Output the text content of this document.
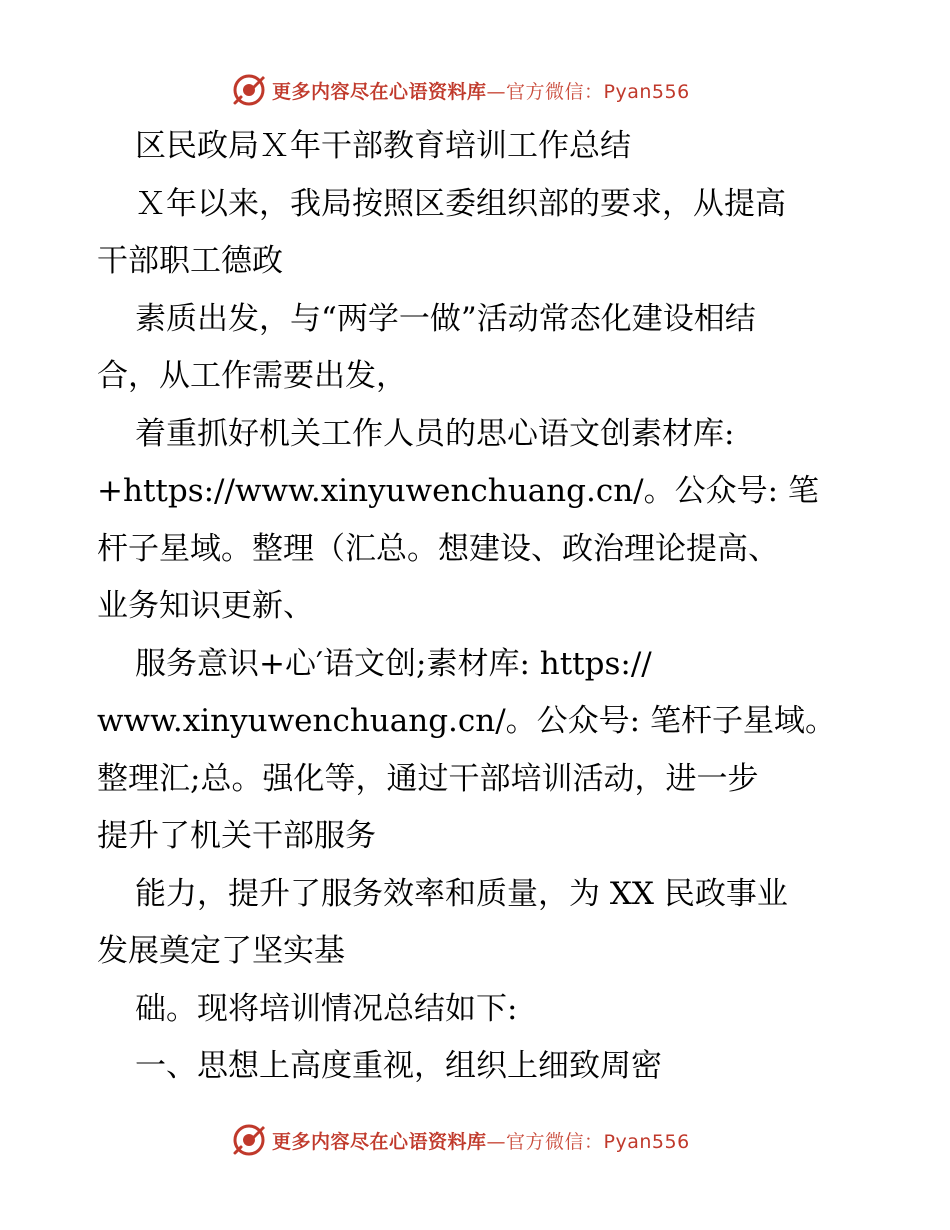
更多内容尽在心语资料库—官方微信：Pyan556
区民政局Ｘ年干部教育培训工作总结
Ｘ年以来，我局按照区委组织部的要求，从提高
干部职工德政
素质出发，与“两学一做”活动常态化建设相结
合，从工作需要出发，
着重抓好机关工作人员的思心语文创素材库:
+https://www.xinyuwenchuang.cn/。公众号: 笔
杆子星域。整理（汇总。想建设、政治理论提高、
业务知识更新、
服务意识+心′语文创;素材库: https://
www.xinyuwenchuang.cn/。公众号: 笔杆子星域。
整理汇;总。强化等，通过干部培训活动，进一步
提升了机关干部服务
能力，提升了服务效率和质量，为 XX 民政事业
发展奠定了坚实基
础。现将培训情况总结如下:
一、思想上高度重视，组织上细致周密
更多内容尽在心语资料库—官方微信：Pyan556
